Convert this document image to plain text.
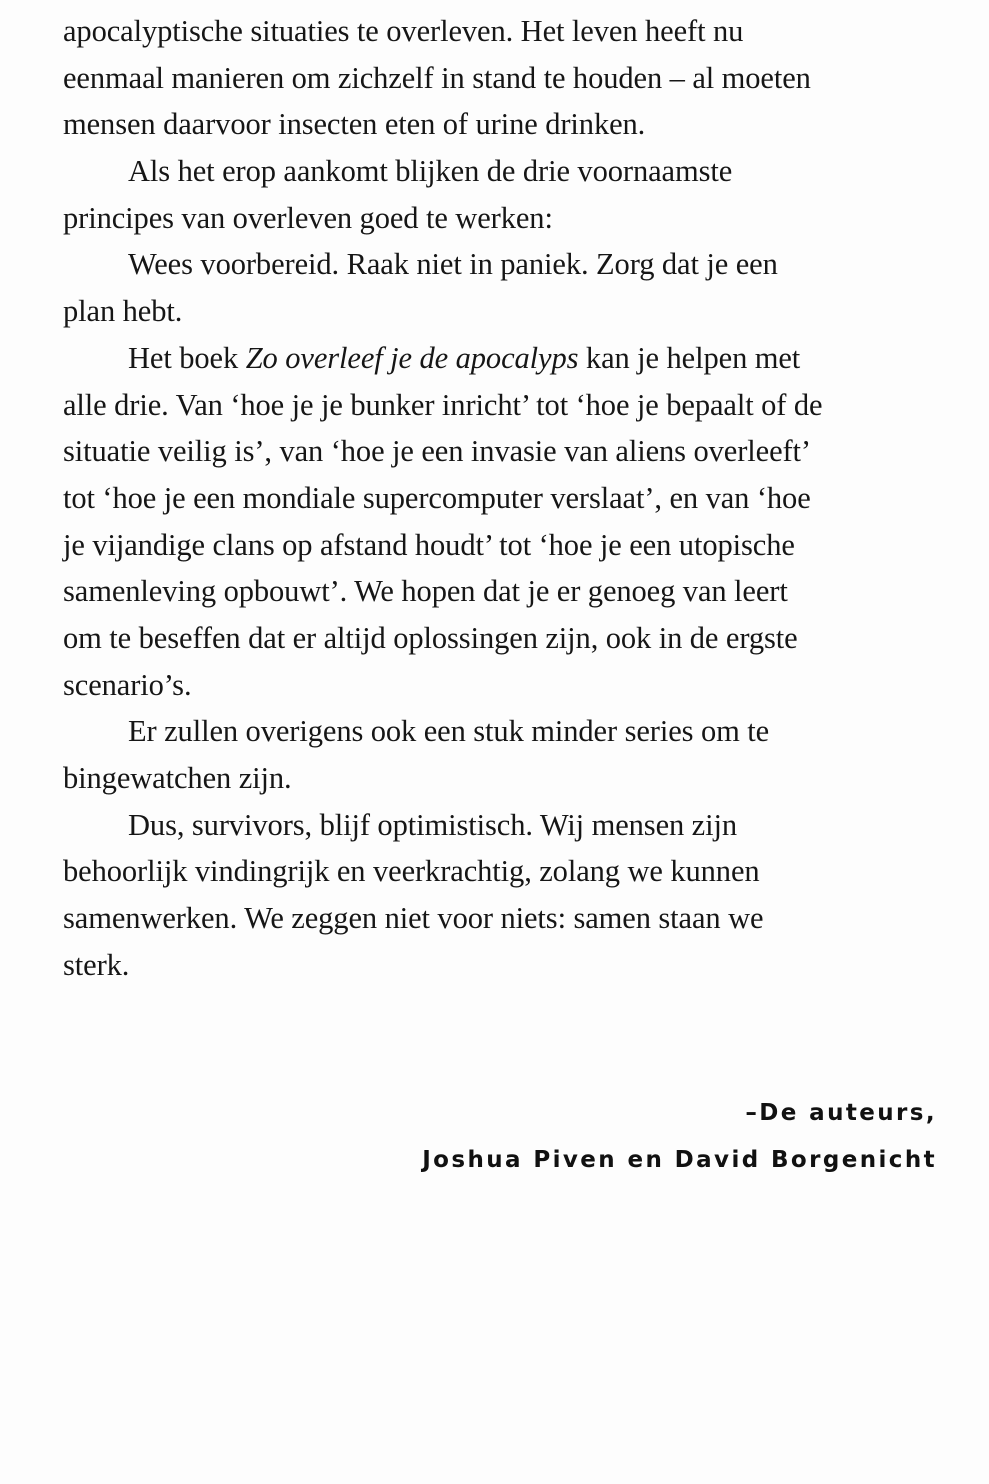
apocalyptische situaties te overleven. Het leven heeft nu
eenmaal manieren om zichzelf in stand te houden – al moeten
mensen daarvoor insecten eten of urine drinken.
Als het erop aankomt blijken de drie voornaamste
principes van overleven goed te werken:
Wees voorbereid. Raak niet in paniek. Zorg dat je een
plan hebt.
Het boek Zo overleef je de apocalyps kan je helpen met
alle drie. Van ‘hoe je je bunker inricht’ tot ‘hoe je bepaalt of de
situatie veilig is’, van ‘hoe je een invasie van aliens overleeft’
tot ‘hoe je een mondiale supercomputer verslaat’, en van ‘hoe
je vijandige clans op afstand houdt’ tot ‘hoe je een utopische
samenleving opbouwt’. We hopen dat je er genoeg van leert
om te beseffen dat er altijd oplossingen zijn, ook in de ergste
scenario’s.
Er zullen overigens ook een stuk minder series om te
bingewatchen zijn.
Dus, survivors, blijf optimistisch. Wij mensen zijn
behoorlijk vindingrijk en veerkrachtig, zolang we kunnen
samenwerken. We zeggen niet voor niets: samen staan we
sterk.
–De auteurs,
Joshua Piven en David Borgenicht
